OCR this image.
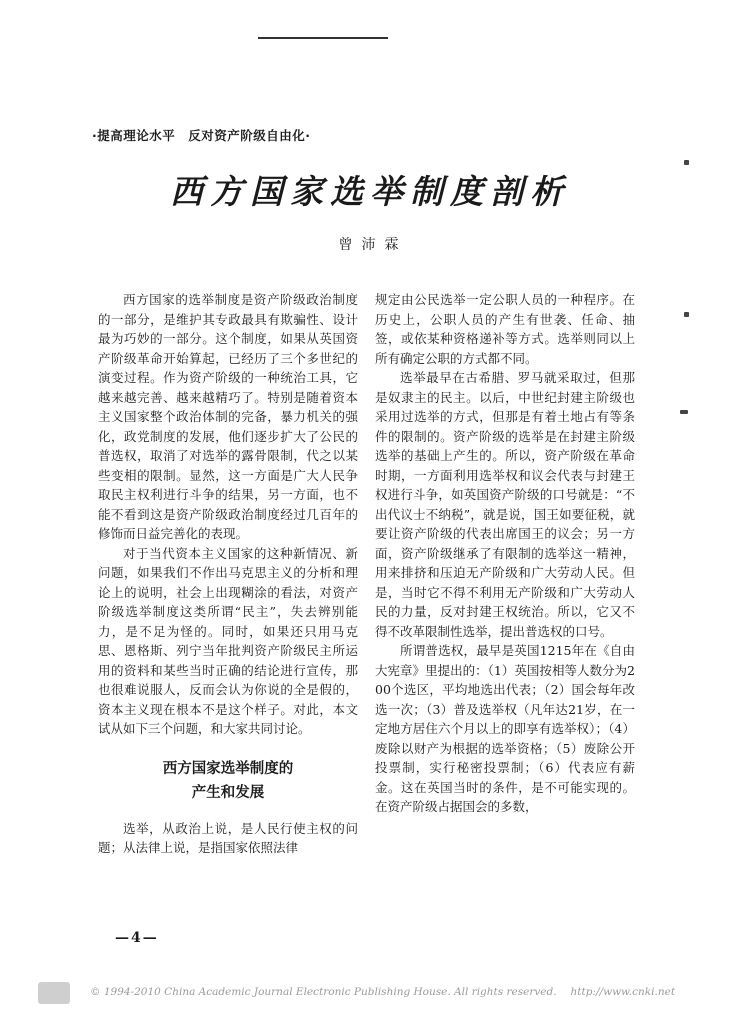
·提高理论水平　反对资产阶级自由化·
西方国家选举制度剖析
曾沛霖

西方国家的选举制度是资产阶级政治制度的一部分，是维护其专政最具有欺骗性、设计最为巧妙的一部分。这个制度，如果从英国资产阶级革命开始算起，已经历了三个多世纪的演变过程。作为资产阶级的一种统治工具，它越来越完善、越来越精巧了。特别是随着资本主义国家整个政治体制的完备，暴力机关的强化，政党制度的发展，他们逐步扩大了公民的普选权，取消了对选举的露骨限制，代之以某些变相的限制。显然，这一方面是广大人民争取民主权利进行斗争的结果，另一方面，也不能不看到这是资产阶级政治制度经过几百年的修饰而日益完善化的表现。

对于当代资本主义国家的这种新情况、新问题，如果我们不作出马克思主义的分析和理论上的说明，社会上出现糊涂的看法，对资产阶级选举制度这类所谓“民主”，失去辨别能力，是不足为怪的。同时，如果还只用马克思、恩格斯、列宁当年批判资产阶级民主所运用的资料和某些当时正确的结论进行宣传，那也很难说服人，反而会认为你说的全是假的，资本主义现在根本不是这个样子。对此，本文试从如下三个问题，和大家共同讨论。

西方国家选举制度的
产生和发展

选举，从政治上说，是人民行使主权的问题；从法律上说，是指国家依照法律

规定由公民选举一定公职人员的一种程序。在历史上，公职人员的产生有世袭、任命、抽签，或依某种资格递补等方式。选举则同以上所有确定公职的方式都不同。

选举最早在古希腊、罗马就采取过，但那是奴隶主的民主。以后，中世纪封建主阶级也采用过选举的方式，但那是有着土地占有等条件的限制的。资产阶级的选举是在封建主阶级选举的基础上产生的。所以，资产阶级在革命时期，一方面利用选举权和议会代表与封建王权进行斗争，如英国资产阶级的口号就是：“不出代议士不纳税”，就是说，国王如要征税，就要让资产阶级的代表出席国王的议会；另一方面，资产阶级继承了有限制的选举这一精神，用来排挤和压迫无产阶级和广大劳动人民。但是，当时它不得不利用无产阶级和广大劳动人民的力量，反对封建王权统治。所以，它又不得不改革限制性选举，提出普选权的口号。

所谓普选权，最早是英国1215年在《自由大宪章》里提出的：（1）英国按相等人数分为200个选区，平均地选出代表；（2）国会每年改选一次；（3）普及选举权（凡年达21岁，在一定地方居住六个月以上的即享有选举权）；（4）废除以财产为根据的选举资格；（5）废除公开投票制，实行秘密投票制；（6）代表应有薪金。这在英国当时的条件，是不可能实现的。在资产阶级占据国会的多数，

—4—
© 1994-2010 China Academic Journal Electronic Publishing House. All rights reserved. http://www.cnki.net
